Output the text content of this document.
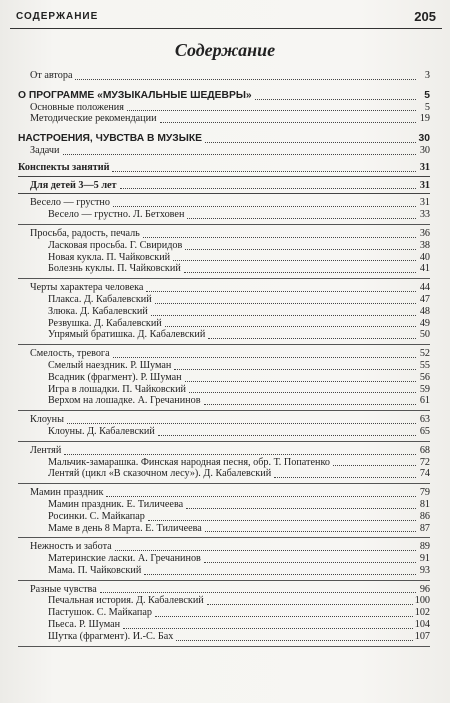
СОДЕРЖАНИЕ	205
Содержание
От автора	3
О ПРОГРАММЕ «МУЗЫКАЛЬНЫЕ ШЕДЕВРЫ»	5
Основные положения	5
Методические рекомендации	19
НАСТРОЕНИЯ, ЧУВСТВА В МУЗЫКЕ	30
Задачи	30
Конспекты занятий	31
Для детей 3—5 лет	31
Весело — грустно	31
Весело — грустно. Л. Бетховен	33
Просьба, радость, печаль	36
Ласковая просьба. Г. Свиридов	38
Новая кукла. П. Чайковский	40
Болезнь куклы. П. Чайковский	41
Черты характера человека	44
Плакса. Д. Кабалевский	47
Злюка. Д. Кабалевский	48
Резвушка. Д. Кабалевский	49
Упрямый братишка. Д. Кабалевский	50
Смелость, тревога	52
Смелый наездник. Р. Шуман	55
Всадник (фрагмент). Р. Шуман	56
Игра в лошадки. П. Чайковский	59
Верхом на лошадке. А. Гречанинов	61
Клоуны	63
Клоуны. Д. Кабалевский	65
Лентяй	68
Мальчик-замарашка. Финская народная песня, обр. Т. Попатенко	72
Лентяй (цикл «В сказочном лесу»). Д. Кабалевский	74
Мамин праздник	79
Мамин праздник. Е. Тиличеева	81
Росинки. С. Майкапар	86
Маме в день 8 Марта. Е. Тиличеева	87
Нежность и забота	89
Материнские ласки. А. Гречанинов	91
Мама. П. Чайковский	93
Разные чувства	96
Печальная история. Д. Кабалевский	100
Пастушок. С. Майкапар	102
Пьеса. Р. Шуман	104
Шутка (фрагмент). И.-С. Бах	107
